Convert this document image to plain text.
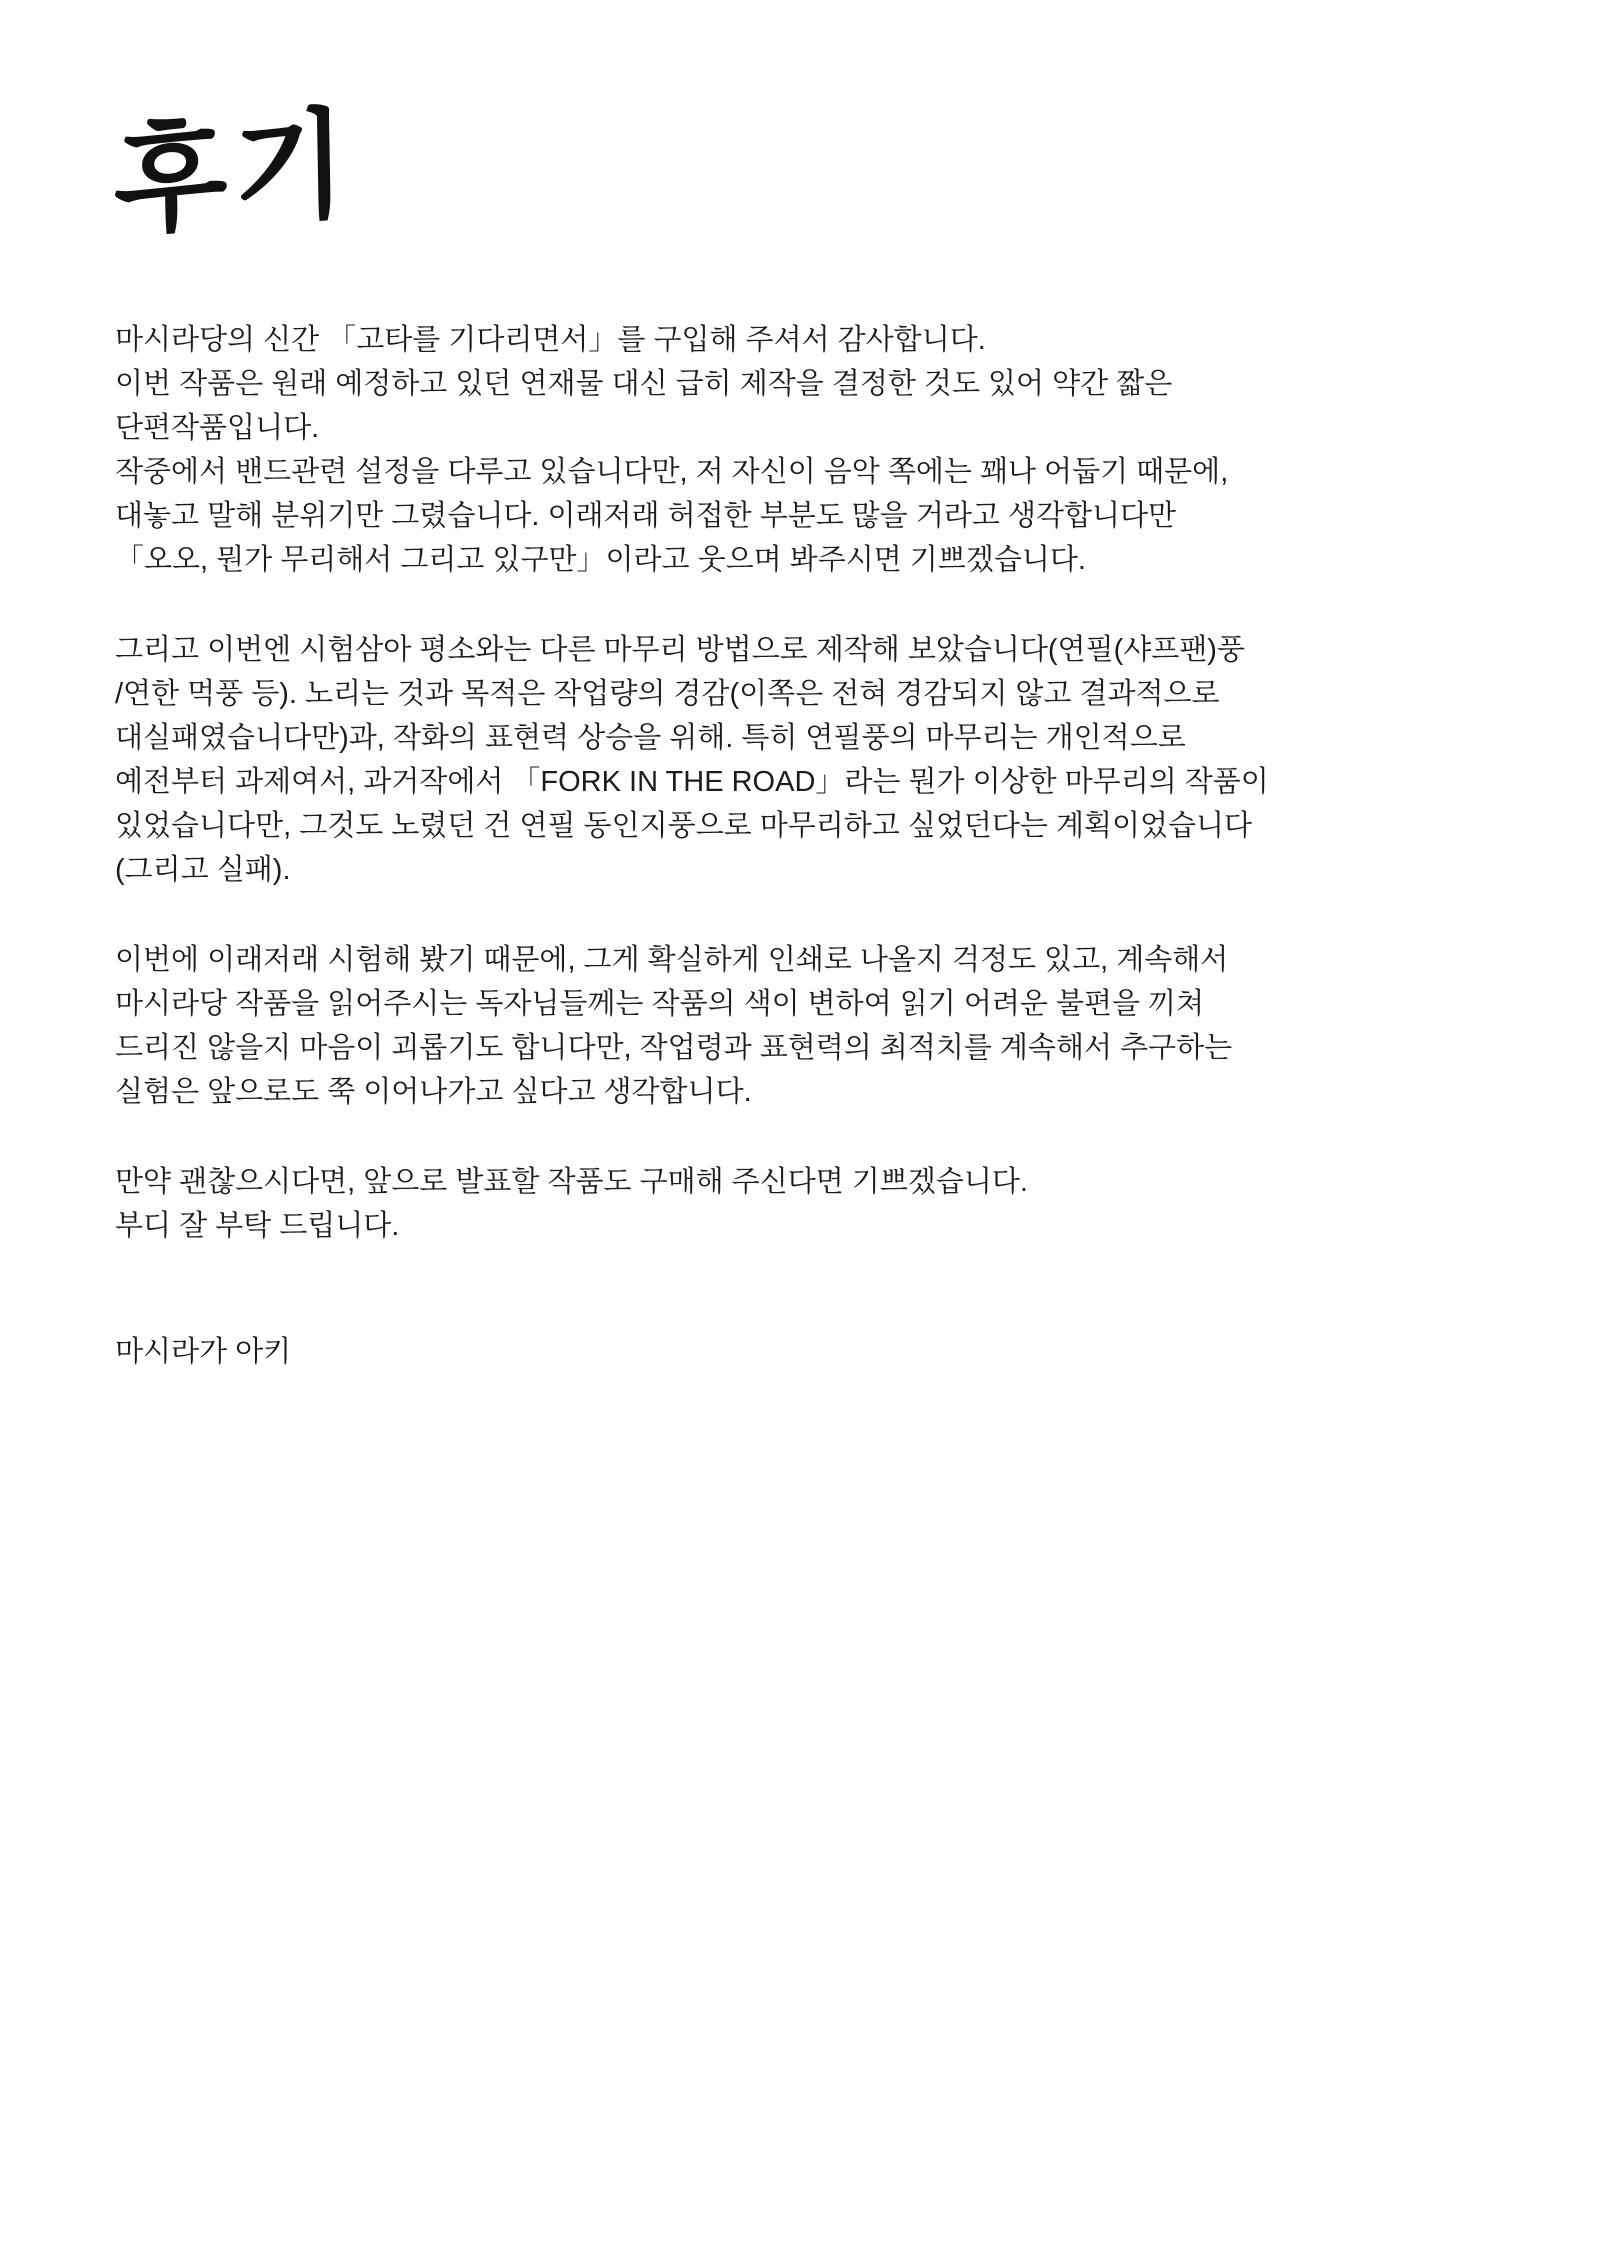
후기

마시라당의 신간 「고타를 기다리면서」를 구입해 주셔서 감사합니다.
이번 작품은 원래 예정하고 있던 연재물 대신 급히 제작을 결정한 것도 있어 약간 짧은
단편작품입니다.
작중에서 밴드관련 설정을 다루고 있습니다만, 저 자신이 음악 쪽에는 꽤나 어둡기 때문에,
대놓고 말해 분위기만 그렸습니다. 이래저래 허접한 부분도 많을 거라고 생각합니다만
「오오, 뭔가 무리해서 그리고 있구만」이라고 웃으며 봐주시면 기쁘겠습니다.

그리고 이번엔 시험삼아 평소와는 다른 마무리 방법으로 제작해 보았습니다(연필(샤프팬)풍
/연한 먹풍 등). 노리는 것과 목적은 작업량의 경감(이쪽은 전혀 경감되지 않고 결과적으로
대실패였습니다만)과, 작화의 표현력 상승을 위해. 특히 연필풍의 마무리는 개인적으로
예전부터 과제여서, 과거작에서 「FORK IN THE ROAD」라는 뭔가 이상한 마무리의 작품이
있었습니다만, 그것도 노렸던 건 연필 동인지풍으로 마무리하고 싶었던다는 계획이었습니다
(그리고 실패).

이번에 이래저래 시험해 봤기 때문에, 그게 확실하게 인쇄로 나올지 걱정도 있고, 계속해서
마시라당 작품을 읽어주시는 독자님들께는 작품의 색이 변하여 읽기 어려운 불편을 끼쳐
드리진 않을지 마음이 괴롭기도 합니다만, 작업령과 표현력의 최적치를 계속해서 추구하는
실험은 앞으로도 쭉 이어나가고 싶다고 생각합니다.

만약 괜찮으시다면, 앞으로 발표할 작품도 구매해 주신다면 기쁘겠습니다.
부디 잘 부탁 드립니다.

마시라가 아키
